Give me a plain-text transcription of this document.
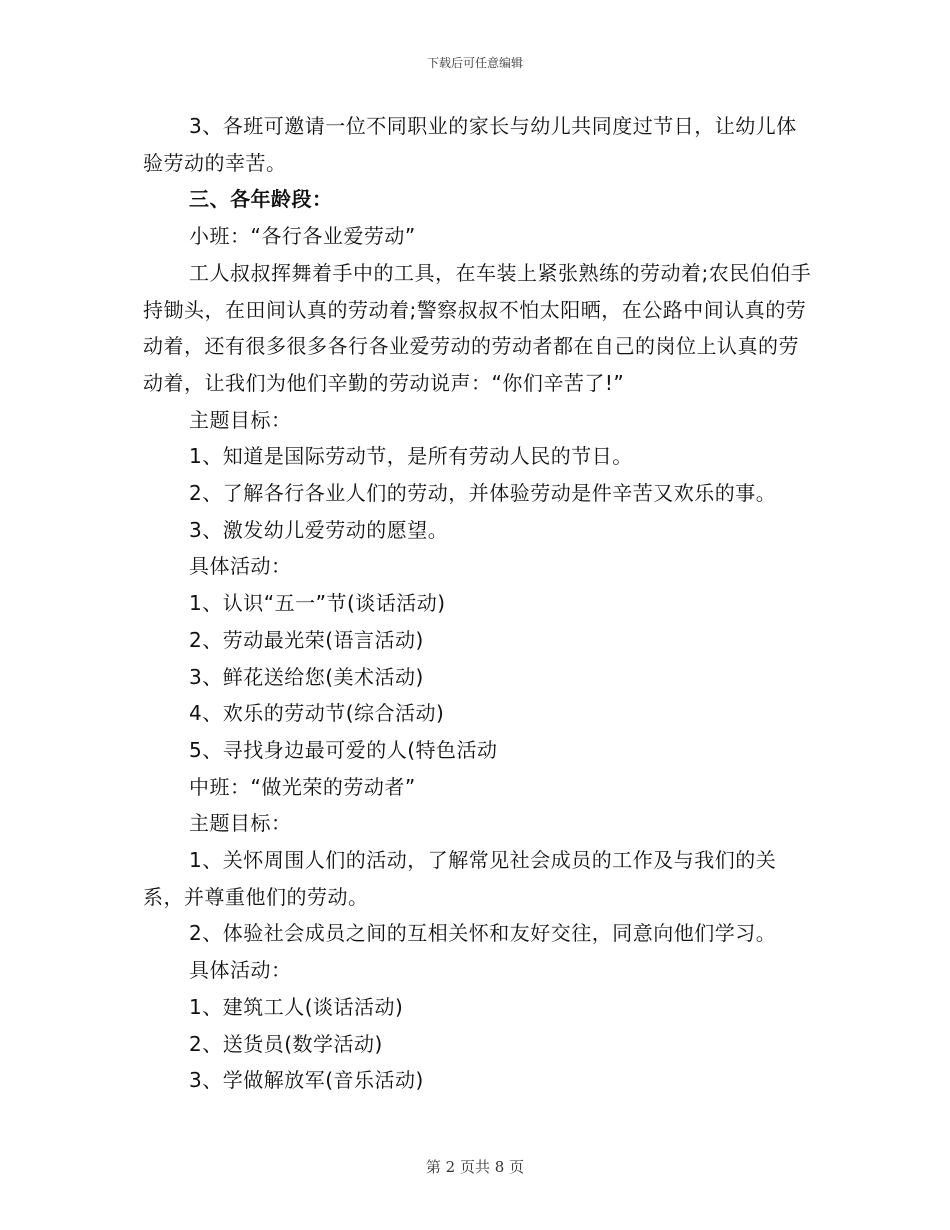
下载后可任意编辑

3、各班可邀请一位不同职业的家长与幼儿共同度过节日，让幼儿体验劳动的幸苦。

三、各年龄段：

小班：“各行各业爱劳动”

工人叔叔挥舞着手中的工具，在车装上紧张熟练的劳动着;农民伯伯手持锄头，在田间认真的劳动着;警察叔叔不怕太阳晒，在公路中间认真的劳动着，还有很多很多各行各业爱劳动的劳动者都在自己的岗位上认真的劳动着，让我们为他们辛勤的劳动说声：“你们辛苦了!”

主题目标：

1、知道是国际劳动节，是所有劳动人民的节日。

2、了解各行各业人们的劳动，并体验劳动是件辛苦又欢乐的事。

3、激发幼儿爱劳动的愿望。

具体活动：

1、认识“五一”节(谈话活动)

2、劳动最光荣(语言活动)

3、鲜花送给您(美术活动)

4、欢乐的劳动节(综合活动)

5、寻找身边最可爱的人(特色活动

中班：“做光荣的劳动者”

主题目标：

1、关怀周围人们的活动，了解常见社会成员的工作及与我们的关系，并尊重他们的劳动。

2、体验社会成员之间的互相关怀和友好交往，同意向他们学习。

具体活动：

1、建筑工人(谈话活动)

2、送货员(数学活动)

3、学做解放军(音乐活动)

第 2 页共 8 页
